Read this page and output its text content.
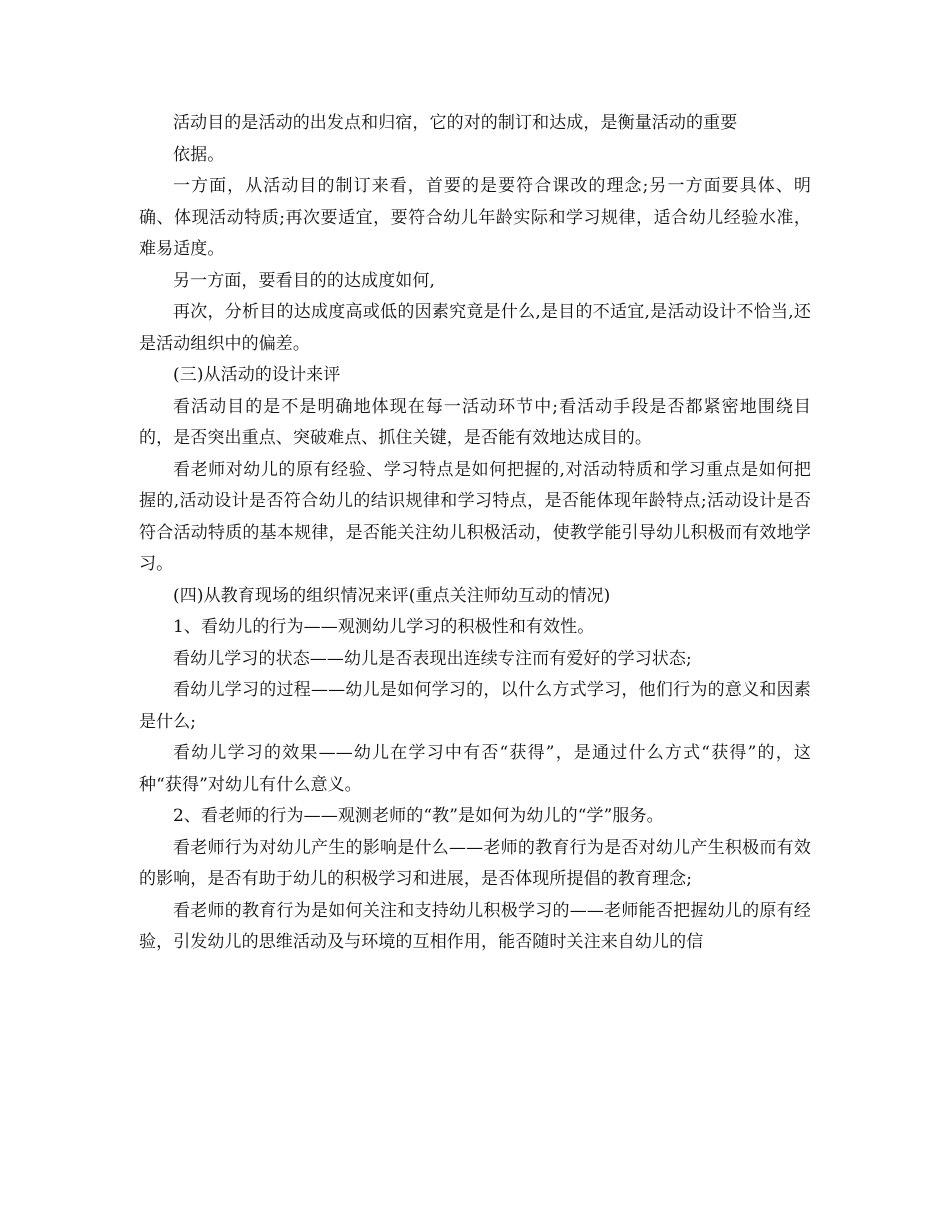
活动目的是活动的出发点和归宿，它的对的制订和达成，是衡量活动的重要
依据。

一方面，从活动目的制订来看，首要的是要符合课改的理念;另一方面要具体、明确、体现活动特质;再次要适宜，要符合幼儿年龄实际和学习规律，适合幼儿经验水准，难易适度。

另一方面，要看目的的达成度如何,

再次，分析目的达成度高或低的因素究竟是什么,是目的不适宜,是活动设计不恰当,还是活动组织中的偏差。

(三)从活动的设计来评

看活动目的是不是明确地体现在每一活动环节中;看活动手段是否都紧密地围绕目的，是否突出重点、突破难点、抓住关键，是否能有效地达成目的。

看老师对幼儿的原有经验、学习特点是如何把握的,对活动特质和学习重点是如何把握的,活动设计是否符合幼儿的结识规律和学习特点，是否能体现年龄特点;活动设计是否符合活动特质的基本规律，是否能关注幼儿积极活动，使教学能引导幼儿积极而有效地学习。

(四)从教育现场的组织情况来评(重点关注师幼互动的情况)

1、看幼儿的行为——观测幼儿学习的积极性和有效性。

看幼儿学习的状态——幼儿是否表现出连续专注而有爱好的学习状态;

看幼儿学习的过程——幼儿是如何学习的，以什么方式学习，他们行为的意义和因素是什么;

看幼儿学习的效果——幼儿在学习中有否“获得”，是通过什么方式“获得”的，这种“获得”对幼儿有什么意义。

2、看老师的行为——观测老师的“教”是如何为幼儿的“学”服务。

看老师行为对幼儿产生的影响是什么——老师的教育行为是否对幼儿产生积极而有效的影响，是否有助于幼儿的积极学习和进展，是否体现所提倡的教育理念;

看老师的教育行为是如何关注和支持幼儿积极学习的——老师能否把握幼儿的原有经验，引发幼儿的思维活动及与环境的互相作用，能否随时关注来自幼儿的信
